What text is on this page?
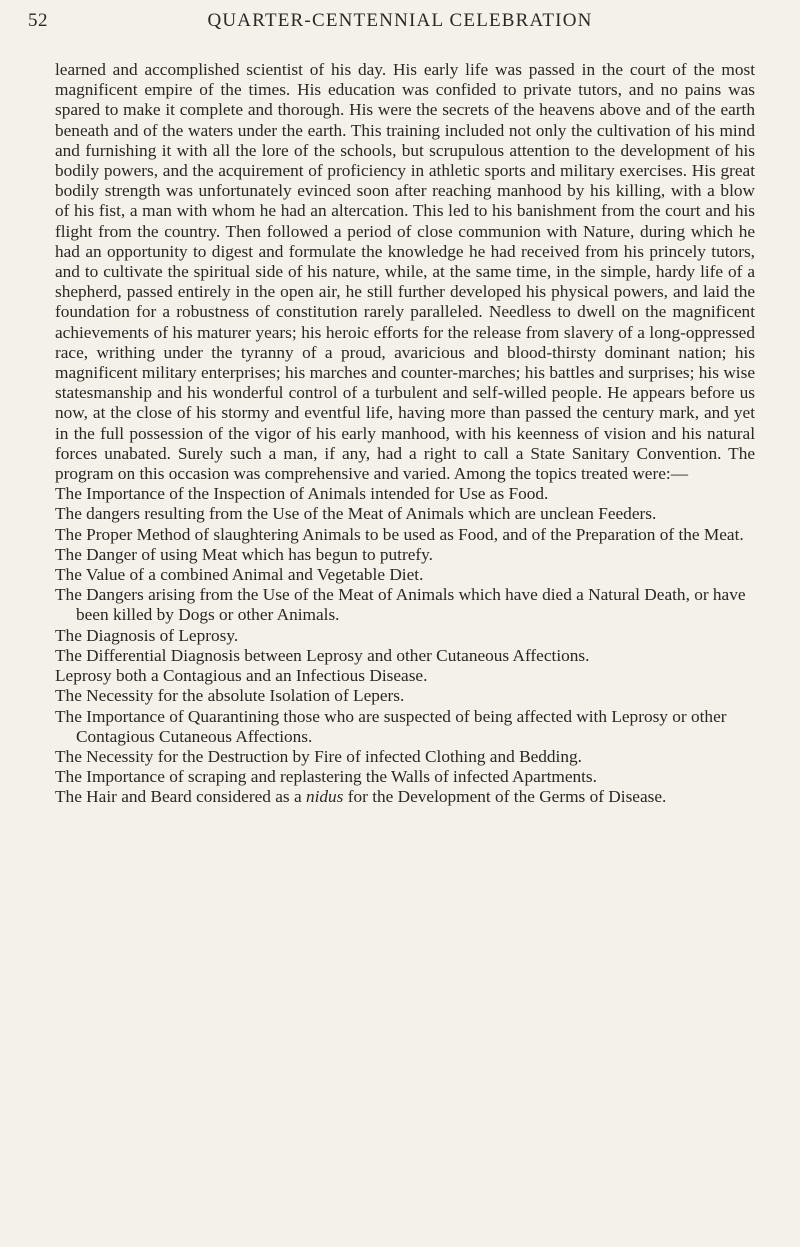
52	QUARTER-CENTENNIAL CELEBRATION

learned and accomplished scientist of his day. His early life was passed in the court of the most magnificent empire of the times. His education was confided to private tutors, and no pains was spared to make it complete and thorough. His were the secrets of the heavens above and of the earth beneath and of the waters under the earth. This training included not only the cultivation of his mind and furnishing it with all the lore of the schools, but scrupulous attention to the development of his bodily powers, and the acquirement of proficiency in athletic sports and military exercises. His great bodily strength was unfortunately evinced soon after reaching manhood by his killing, with a blow of his fist, a man with whom he had an altercation. This led to his banishment from the court and his flight from the country. Then followed a period of close communion with Nature, during which he had an opportunity to digest and formulate the knowledge he had received from his princely tutors, and to cultivate the spiritual side of his nature, while, at the same time, in the simple, hardy life of a shepherd, passed entirely in the open air, he still further developed his physical powers, and laid the foundation for a robustness of constitution rarely paralleled. Needless to dwell on the magnificent achievements of his maturer years; his heroic efforts for the release from slavery of a long-oppressed race, writhing under the tyranny of a proud, avaricious and blood-thirsty dominant nation; his magnificent military enterprises; his marches and counter-marches; his battles and surprises; his wise statesmanship and his wonderful control of a turbulent and self-willed people. He appears before us now, at the close of his stormy and eventful life, having more than passed the century mark, and yet in the full possession of the vigor of his early manhood, with his keenness of vision and his natural forces unabated. Surely such a man, if any, had a right to call a State Sanitary Convention. The program on this occasion was comprehensive and varied. Among the topics treated were:—

The Importance of the Inspection of Animals intended for Use as Food.
The dangers resulting from the Use of the Meat of Animals which are unclean Feeders.
The Proper Method of slaughtering Animals to be used as Food, and of the Preparation of the Meat.
The Danger of using Meat which has begun to putrefy.
The Value of a combined Animal and Vegetable Diet.
The Dangers arising from the Use of the Meat of Animals which have died a Natural Death, or have been killed by Dogs or other Animals.
The Diagnosis of Leprosy.
The Differential Diagnosis between Leprosy and other Cutaneous Affections.
Leprosy both a Contagious and an Infectious Disease.
The Necessity for the absolute Isolation of Lepers.
The Importance of Quarantining those who are suspected of being affected with Leprosy or other Contagious Cutaneous Affections.
The Necessity for the Destruction by Fire of infected Clothing and Bedding.
The Importance of scraping and replastering the Walls of infected Apartments.
The Hair and Beard considered as a nidus for the Development of the Germs of Disease.
